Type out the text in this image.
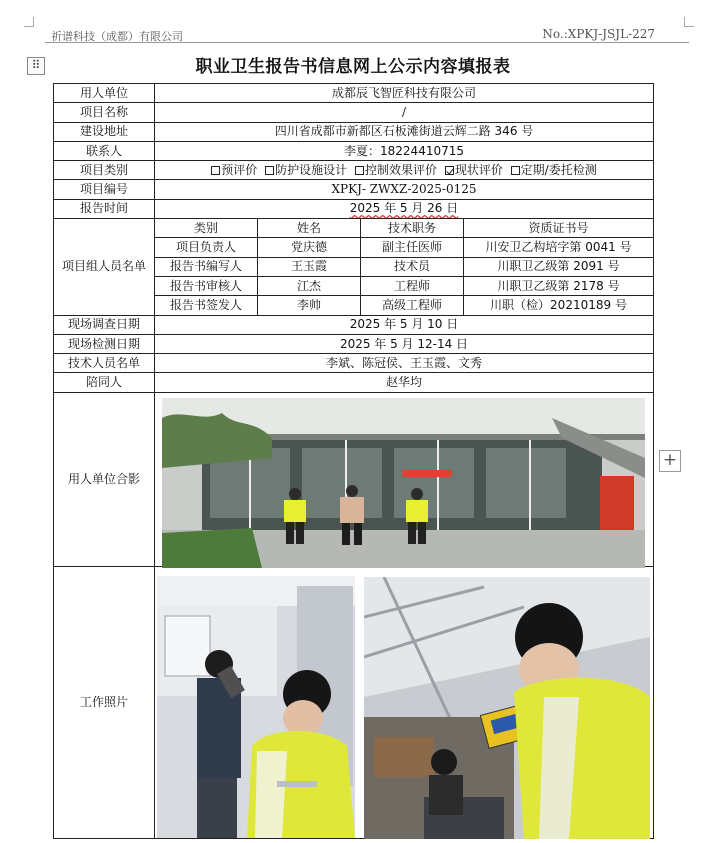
祈谱科技（成都）有限公司	No.:XPKJ-JSJL-227
⠿	职业卫生报告书信息网上公示内容填报表
用人单位	成都辰飞智匠科技有限公司			
项目名称	/			
建设地址	四川省成都市新都区石板滩街道云辉二路 346 号			
联系人	李夏：18224410715			
项目类别	预评价 防护设施设计 控制效果评价 现状评价 定期/委托检测			
项目编号	XPKJ- ZWXZ-2025-0125			
报告时间	2025 年 5 月 26 日			
项目组人员名单	类别	姓名	技术职务	资质证书号
	项目负责人	党庆德	副主任医师	川安卫乙构培字第 0041 号
	报告书编写人	王玉霞	技术员	川职卫乙级第 2091 号
	报告书审核人	江杰	工程师	川职卫乙级第 2178 号
	报告书签发人	李帅	高级工程师	川职（检）20210189 号
现场调查日期	2025 年 5 月 10 日			
现场检测日期	2025 年 5 月 12-14 日			
技术人员名单	李斌、陈冠侯、王玉霞、文秀			
陪同人	赵华均			
用人单位合影				
工作照片				
+
